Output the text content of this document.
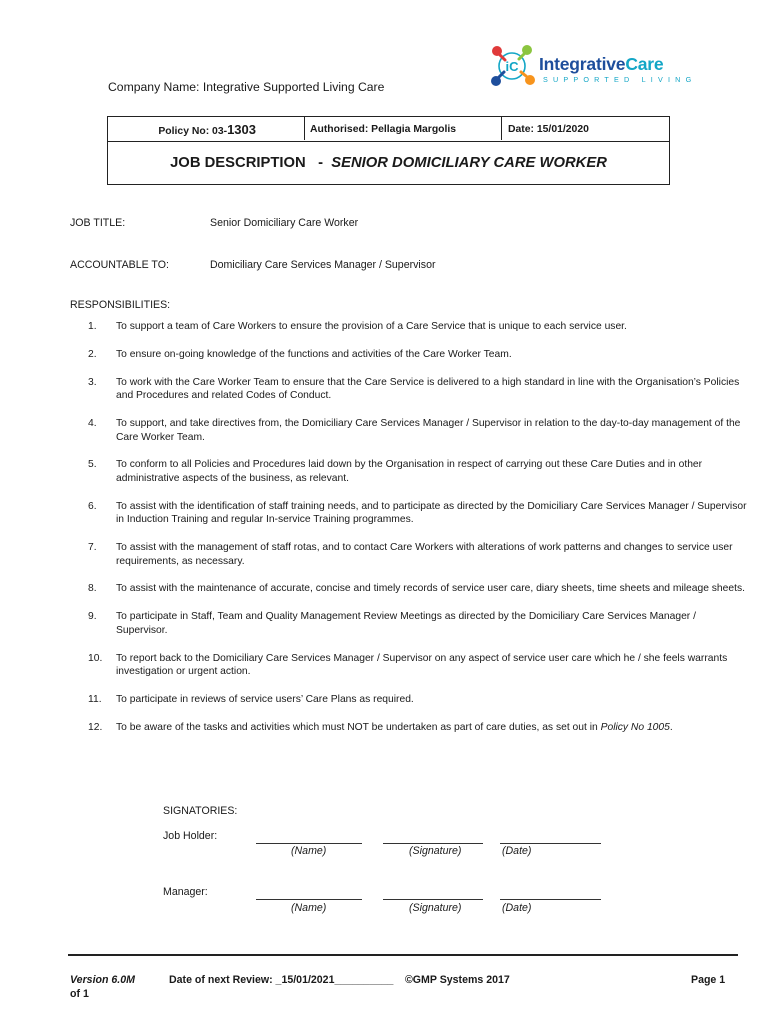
iC IntegrativeCare
SUPPORTED LIVING
Company Name: Integrative Supported Living Care
Policy No: 03-1303	Authorised: Pellagia Margolis	Date: 15/01/2020
JOB DESCRIPTION   -  SENIOR DOMICILIARY CARE WORKER
JOB TITLE:	Senior Domiciliary Care Worker
ACCOUNTABLE TO:	Domiciliary Care Services Manager / Supervisor
RESPONSIBILITIES:
1.	To support a team of Care Workers to ensure the provision of a Care Service that is unique to each service user.
2.	To ensure on-going knowledge of the functions and activities of the Care Worker Team.
3.	To work with the Care Worker Team to ensure that the Care Service is delivered to a high standard in line with the Organisation’s Policies and Procedures and related Codes of Conduct.
4.	To support, and take directives from, the Domiciliary Care Services Manager / Supervisor in relation to the day-to-day management of the Care Worker Team.
5.	To conform to all Policies and Procedures laid down by the Organisation in respect of carrying out these Care Duties and in other administrative aspects of the business, as relevant.
6.	To assist with the identification of staff training needs, and to participate as directed by the Domiciliary Care Services Manager / Supervisor in Induction Training and regular In-service Training programmes.
7.	To assist with the management of staff rotas, and to contact Care Workers with alterations of work patterns and changes to service user requirements, as necessary.
8.	To assist with the maintenance of accurate, concise and timely records of service user care, diary sheets, time sheets and mileage sheets.
9.	To participate in Staff, Team and Quality Management Review Meetings as directed by the Domiciliary Care Services Manager / Supervisor.
10.	To report back to the Domiciliary Care Services Manager / Supervisor on any aspect of service user care which he / she feels warrants investigation or urgent action.
11.	To participate in reviews of service users’ Care Plans as required.
12.	To be aware of the tasks and activities which must NOT be undertaken as part of care duties, as set out in Policy No 1005.
SIGNATORIES:
Job Holder:
(Name)	(Signature)	(Date)
Manager:
(Name)	(Signature)	(Date)
Version 6.0M
of 1
Date of next Review: _15/01/2021__________ ©GMP Systems 2017	Page 1
